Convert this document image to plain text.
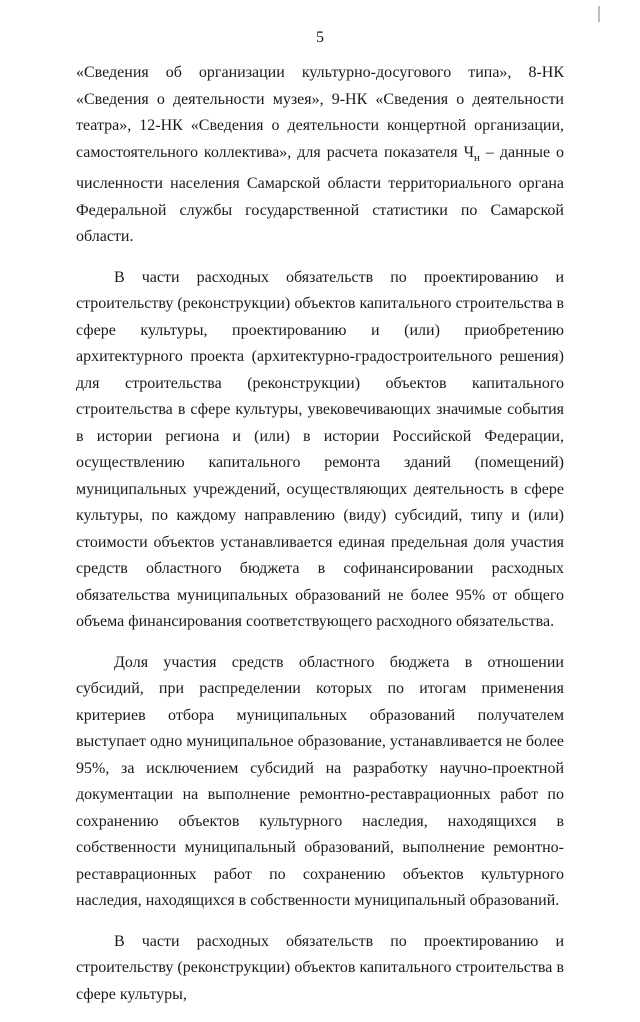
5

«Сведения об организации культурно-досугового типа», 8-НК «Сведения о деятельности музея», 9-НК «Сведения о деятельности театра», 12-НК «Сведения о деятельности концертной организации, самостоятельного коллектива», для расчета показателя $Ч_н$ – данные о численности населения Самарской области территориального органа Федеральной службы государственной статистики по Самарской области.

В части расходных обязательств по проектированию и строительству (реконструкции) объектов капитального строительства в сфере культуры, проектированию и (или) приобретению архитектурного проекта (архитектурно-градостроительного решения) для строительства (реконструкции) объектов капитального строительства в сфере культуры, увековечивающих значимые события в истории региона и (или) в истории Российской Федерации, осуществлению капитального ремонта зданий (помещений) муниципальных учреждений, осуществляющих деятельность в сфере культуры, по каждому направлению (виду) субсидий, типу и (или) стоимости объектов устанавливается единая предельная доля участия средств областного бюджета в софинансировании расходных обязательства муниципальных образований не более 95% от общего объема финансирования соответствующего расходного обязательства.

Доля участия средств областного бюджета в отношении субсидий, при распределении которых по итогам применения критериев отбора муниципальных образований получателем выступает одно муниципальное образование, устанавливается не более 95%, за исключением субсидий на разработку научно-проектной документации на выполнение ремонтно-реставрационных работ по сохранению объектов культурного наследия, находящихся в собственности муниципальный образований, выполнение ремонтно-реставрационных работ по сохранению объектов культурного наследия, находящихся в собственности муниципальный образований.

В части расходных обязательств по проектированию и строительству (реконструкции) объектов капитального строительства в сфере культуры,
